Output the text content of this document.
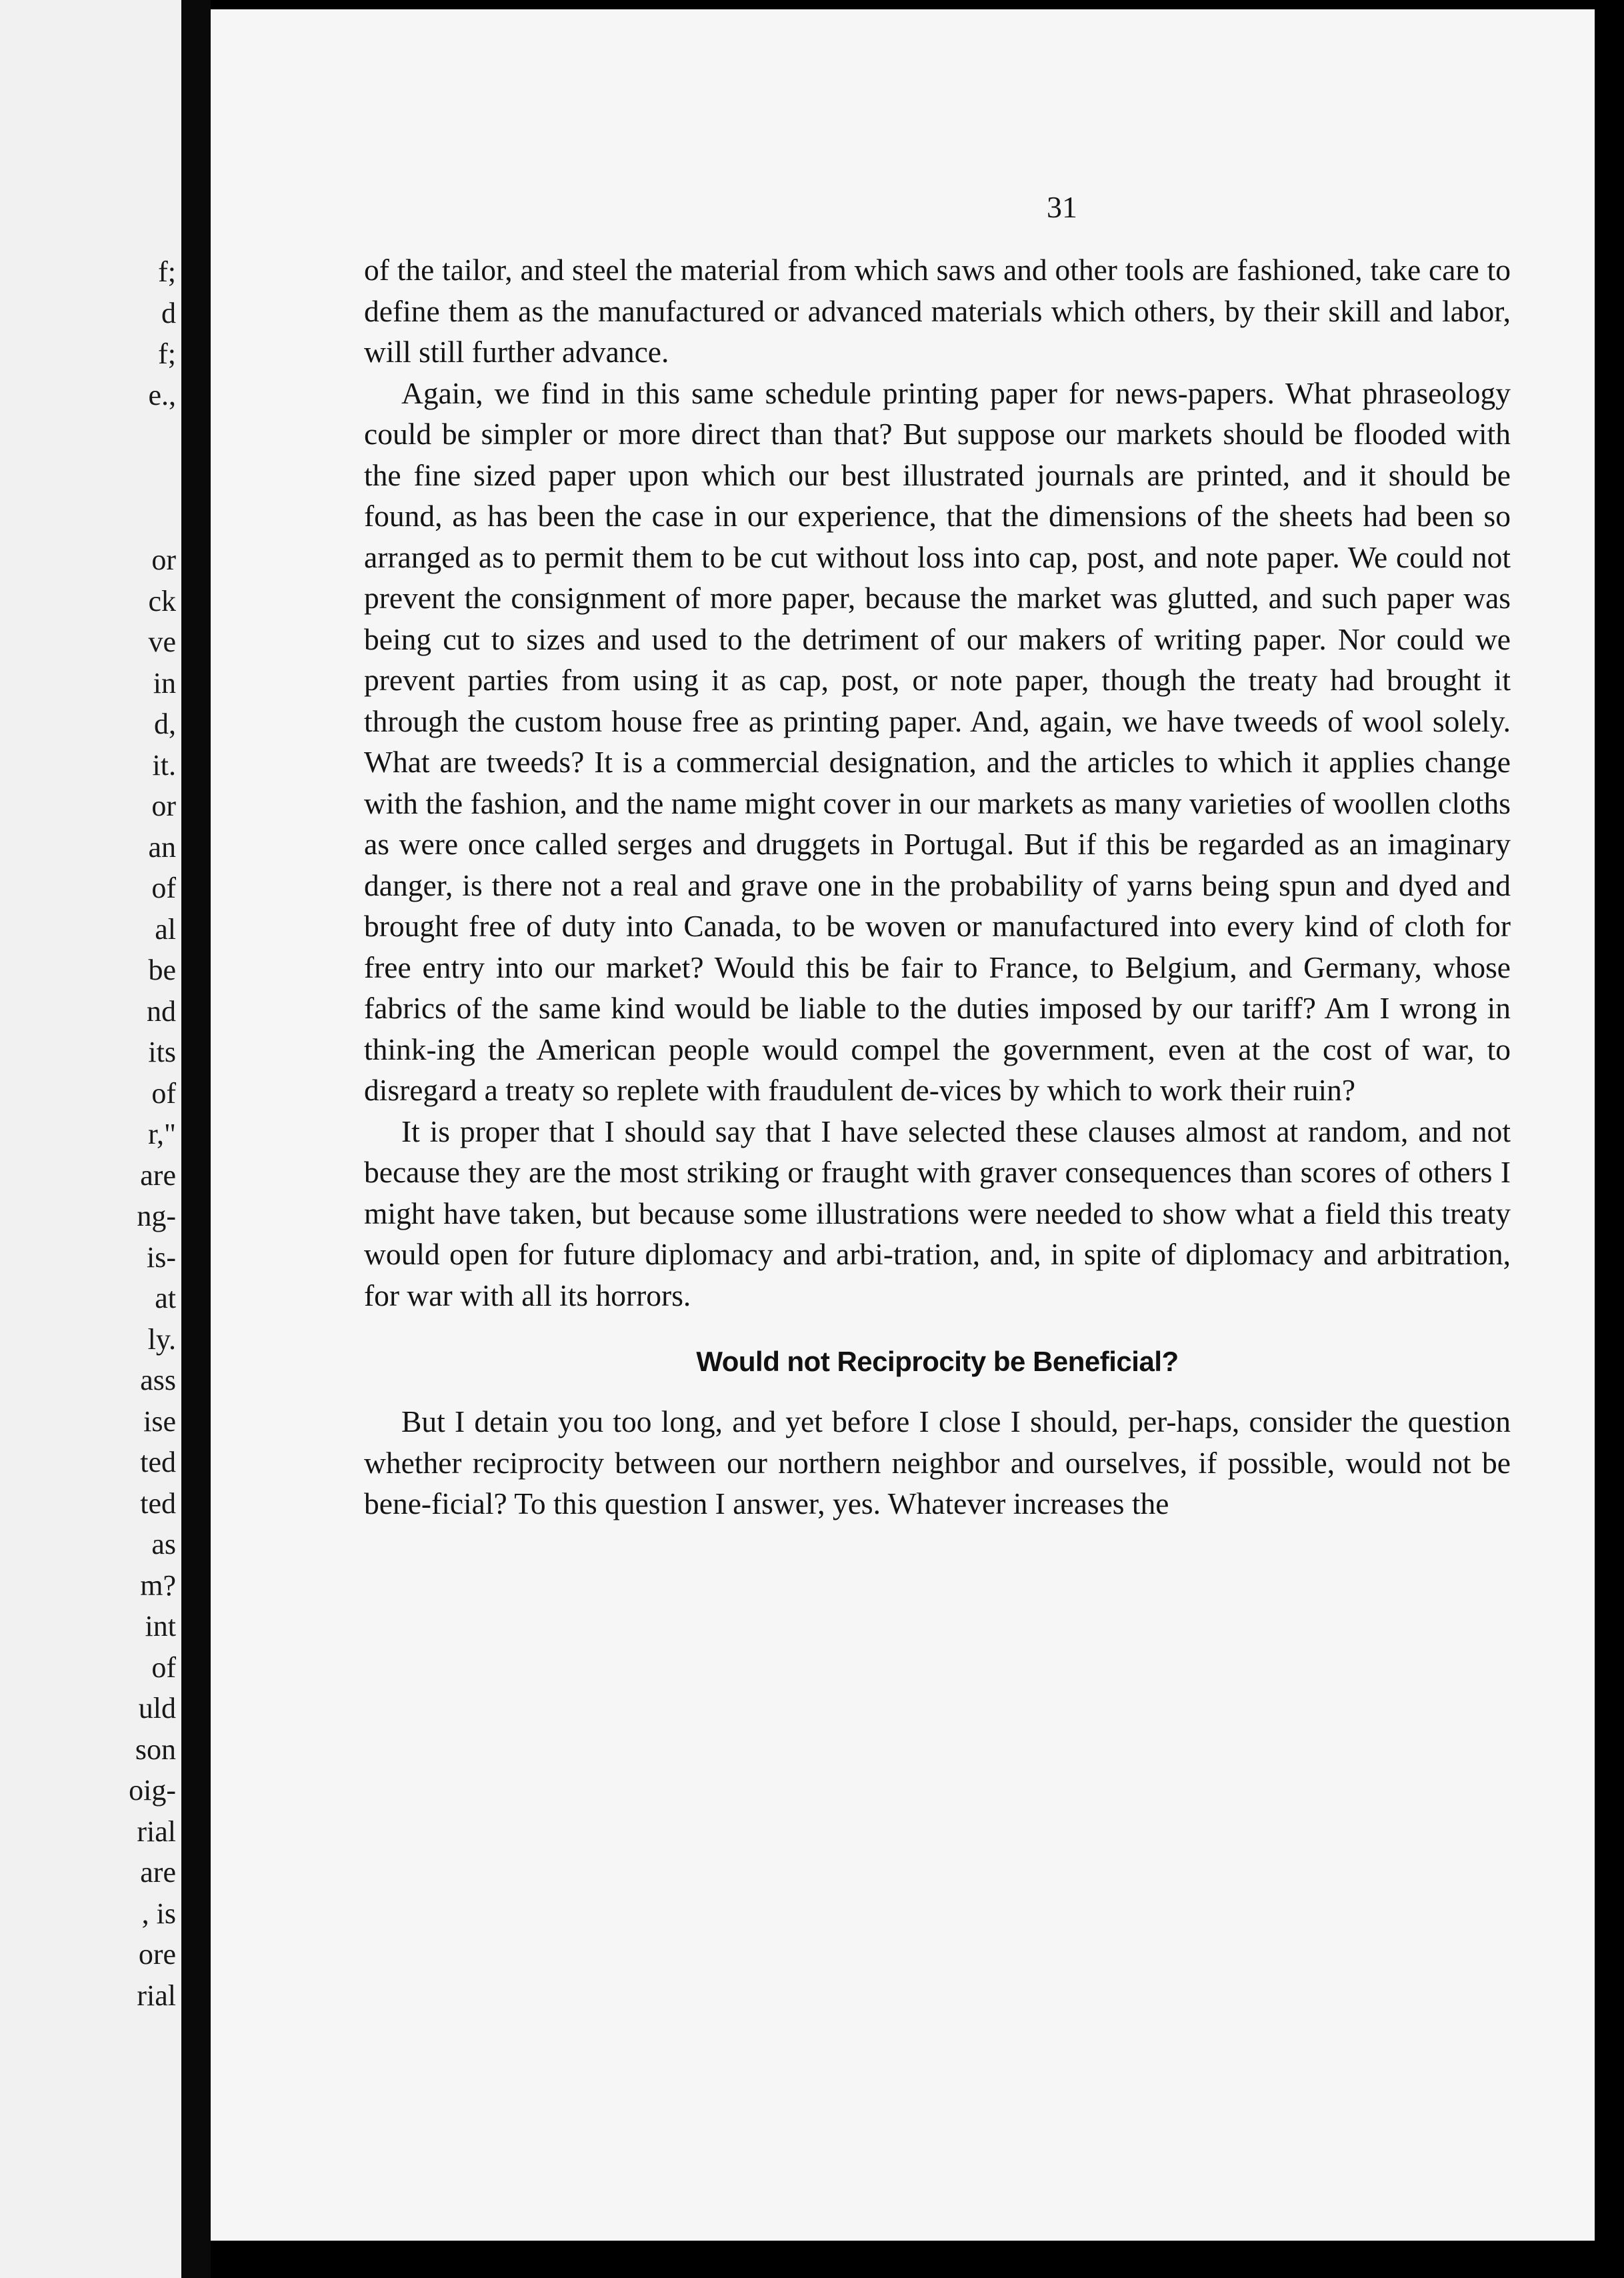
f;
d
f;
e.,
or
ck
ve
in
d,
it.
or
an
of
al
be
nd
its
of
r,"
are
ng-
is-
at
ly.
ass
ise
ted
ted
as
m?
int
of
uld
son
oig-
rial
are
, is
ore
rial
31

of the tailor, and steel the material from which saws and other tools are fashioned, take care to define them as the manufactured or advanced materials which others, by their skill and labor, will still further advance.

Again, we find in this same schedule printing paper for news-papers. What phraseology could be simpler or more direct than that? But suppose our markets should be flooded with the fine sized paper upon which our best illustrated journals are printed, and it should be found, as has been the case in our experience, that the dimensions of the sheets had been so arranged as to permit them to be cut without loss into cap, post, and note paper. We could not prevent the consignment of more paper, because the market was glutted, and such paper was being cut to sizes and used to the detriment of our makers of writing paper. Nor could we prevent parties from using it as cap, post, or note paper, though the treaty had brought it through the custom house free as printing paper. And, again, we have tweeds of wool solely. What are tweeds? It is a commercial designation, and the articles to which it applies change with the fashion, and the name might cover in our markets as many varieties of woollen cloths as were once called serges and druggets in Portugal. But if this be regarded as an imaginary danger, is there not a real and grave one in the probability of yarns being spun and dyed and brought free of duty into Canada, to be woven or manufactured into every kind of cloth for free entry into our market? Would this be fair to France, to Belgium, and Germany, whose fabrics of the same kind would be liable to the duties imposed by our tariff? Am I wrong in think-ing the American people would compel the government, even at the cost of war, to disregard a treaty so replete with fraudulent de-vices by which to work their ruin?

It is proper that I should say that I have selected these clauses almost at random, and not because they are the most striking or fraught with graver consequences than scores of others I might have taken, but because some illustrations were needed to show what a field this treaty would open for future diplomacy and arbi-tration, and, in spite of diplomacy and arbitration, for war with all its horrors.

Would not Reciprocity be Beneficial?

But I detain you too long, and yet before I close I should, per-haps, consider the question whether reciprocity between our northern neighbor and ourselves, if possible, would not be bene-ficial? To this question I answer, yes. Whatever increases the
